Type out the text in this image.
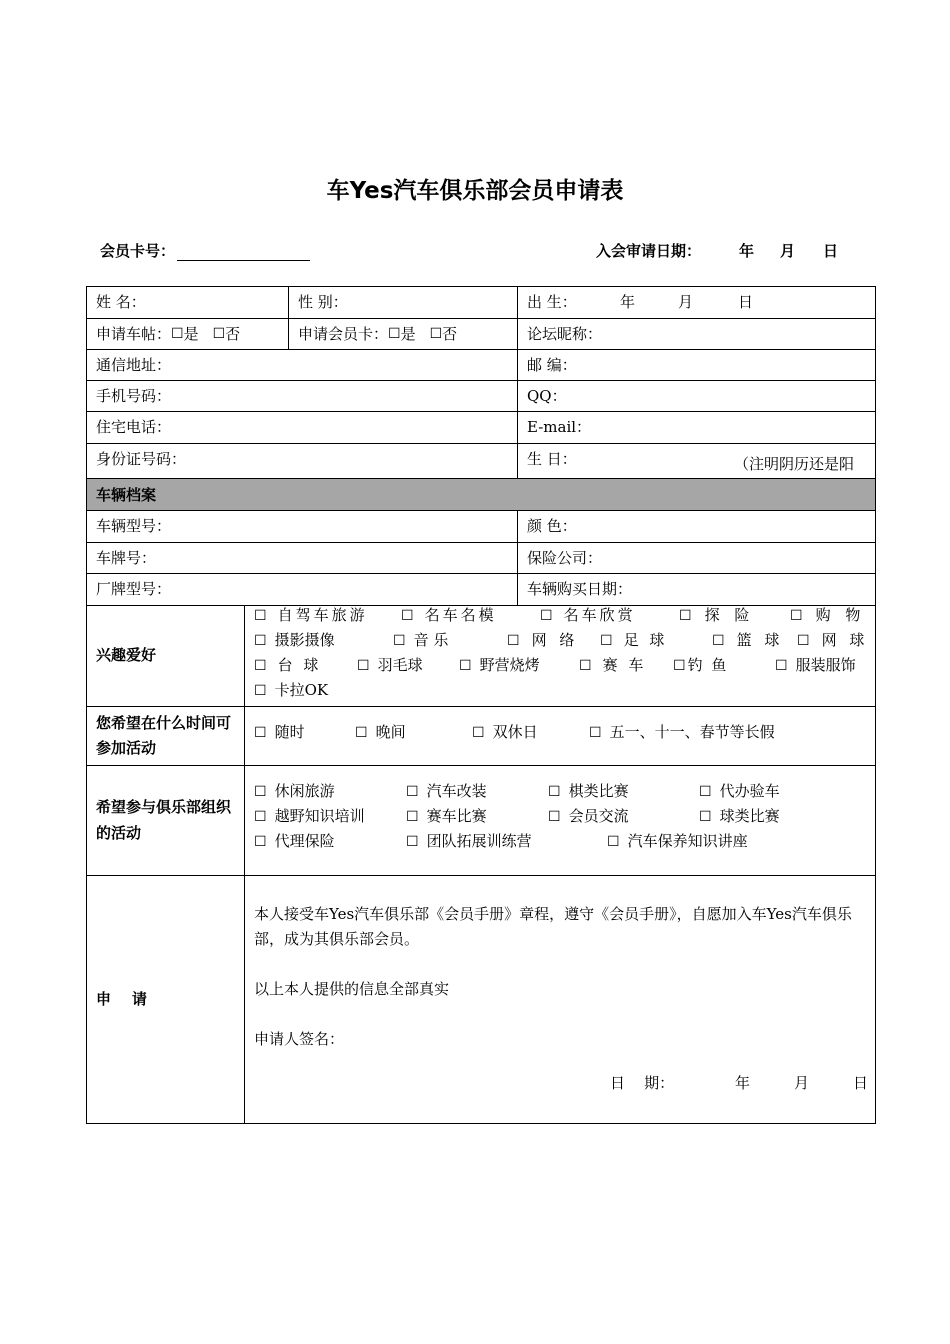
车Yes汽车俱乐部会员申请表
会员卡号：	入会审请日期：	年 月 日
姓 名：	性 别：	出 生：	年	月	日
申请车帖： ☐ 是 ☐ 否	申请会员卡： ☐ 是 ☐ 否	论坛昵称：
通信地址：	邮 编：
手机号码：	QQ：
住宅电话：	E-mail：
身份证号码：	生 日：	（注明阴历还是阳
车辆档案
车辆型号：	颜 色：
车牌号：	保险公司：
厂牌型号：	车辆购买日期：
兴趣爱好
☐ 自驾车旅游 ☐ 名车名模	☐ 名车欣赏	☐ 探 险	☐ 购 物
☐ 摄影摄像	☐ 音 乐	☐ 网 络 ☐ 足 球	☐ 篮 球 ☐ 网 球
☐ 台 球	☐ 羽毛球	☐ 野营烧烤	☐ 赛 车 ☐钓 鱼	☐ 服装服饰
☐ 卡拉OK
您希望在什么时间可参加活动
☐ 随时	☐ 晚间	☐ 双休日	☐ 五一、十一、春节等长假
希望参与俱乐部组织的活动
☐ 休闲旅游	☐ 汽车改装	☐ 棋类比赛	☐ 代办验车
☐ 越野知识培训	☐ 赛车比赛	☐ 会员交流	☐ 球类比赛
☐ 代理保险	☐ 团队拓展训练营	☐ 汽车保养知识讲座
申    请
本人接受车Yes汽车俱乐部《会员手册》章程，遵守《会员手册》，自愿加入车Yes汽车俱乐部，成为其俱乐部会员。
以上本人提供的信息全部真实
申请人签名：
日    期：	年	月	日
